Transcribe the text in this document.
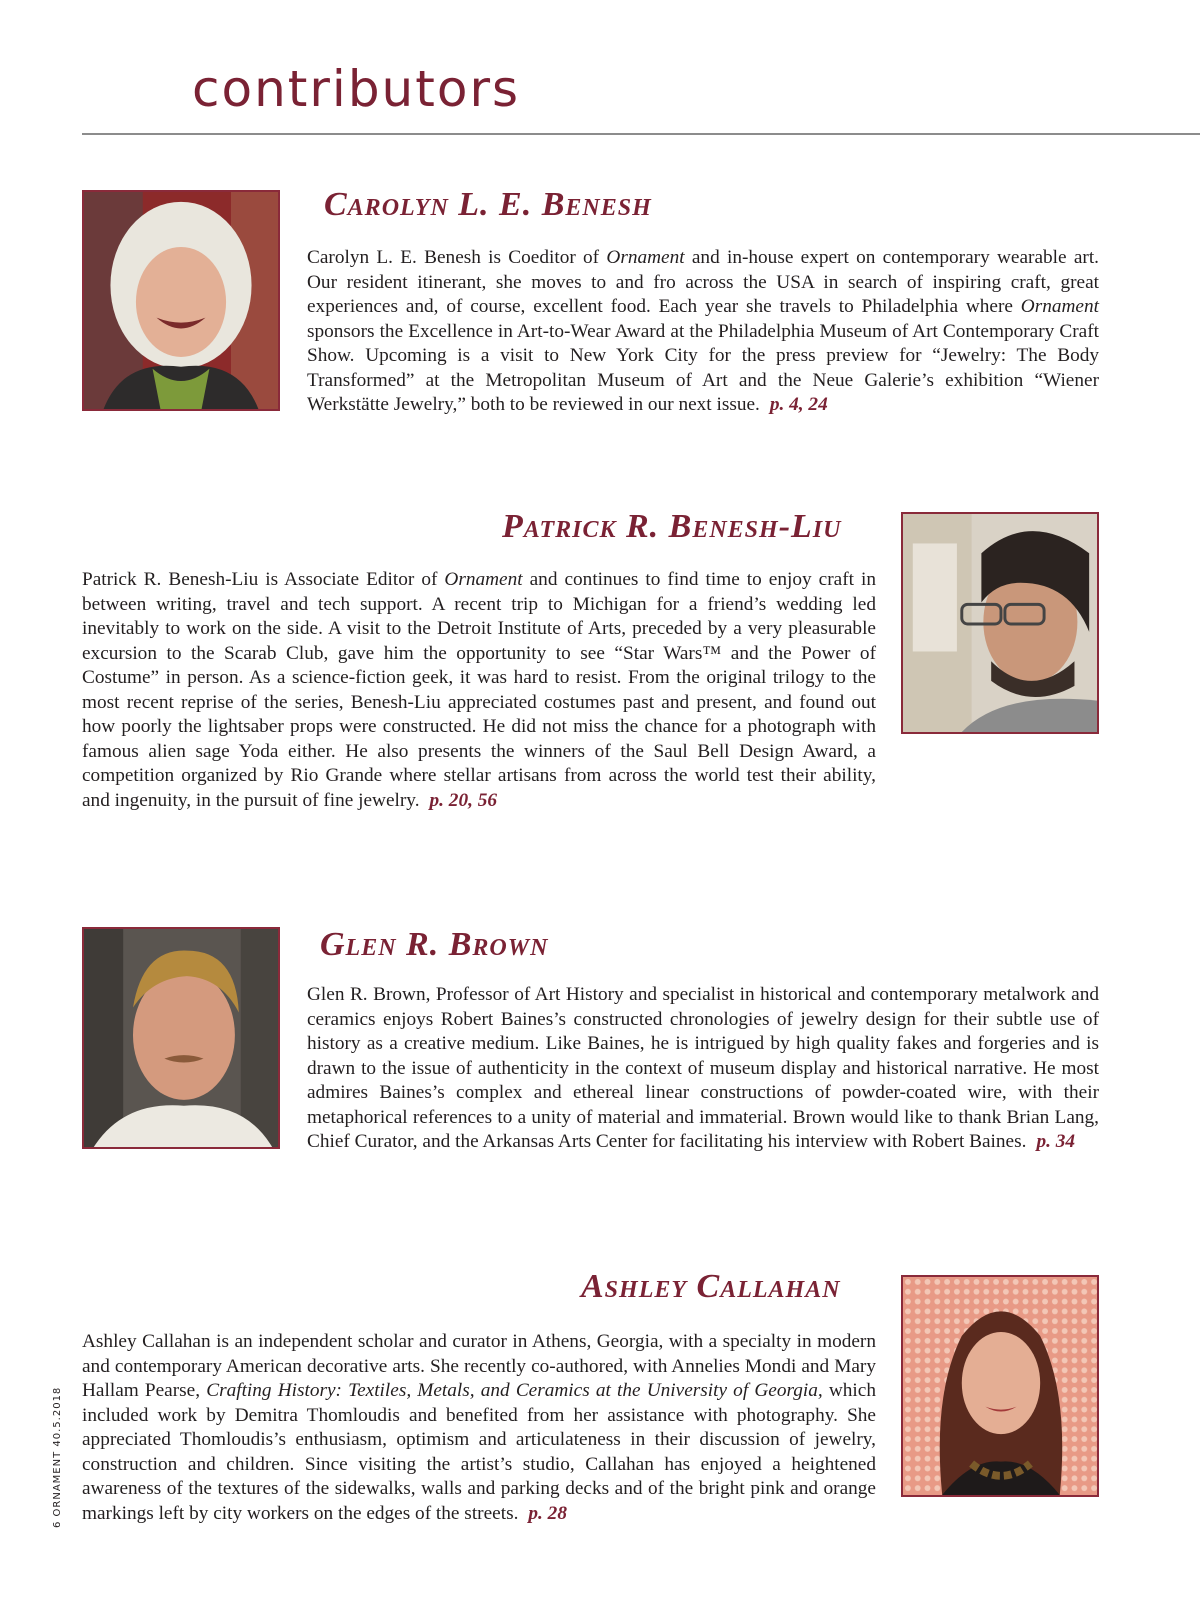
contributors
Carolyn L. E. Benesh

Carolyn L. E. Benesh is Coeditor of Ornament and in-house expert on contemporary wearable art. Our resident itinerant, she moves to and fro across the USA in search of inspiring craft, great experiences and, of course, excellent food. Each year she travels to Philadelphia where Ornament sponsors the Excellence in Art-to-Wear Award at the Philadelphia Museum of Art Contemporary Craft Show. Upcoming is a visit to New York City for the press preview for “Jewelry: The Body Transformed” at the Metropolitan Museum of Art and the Neue Galerie’s exhibition “Wiener Werkstätte Jewelry,” both to be reviewed in our next issue. p. 4, 24

Patrick R. Benesh-Liu

Patrick R. Benesh-Liu is Associate Editor of Ornament and continues to find time to enjoy craft in between writing, travel and tech support. A recent trip to Michigan for a friend’s wedding led inevitably to work on the side. A visit to the Detroit Institute of Arts, preceded by a very pleasurable excursion to the Scarab Club, gave him the opportunity to see “Star Wars™ and the Power of Costume” in person. As a science-fiction geek, it was hard to resist. From the original trilogy to the most recent reprise of the series, Benesh-Liu appreciated costumes past and present, and found out how poorly the lightsaber props were constructed. He did not miss the chance for a photograph with famous alien sage Yoda either. He also presents the winners of the Saul Bell Design Award, a competition organized by Rio Grande where stellar artisans from across the world test their ability, and ingenuity, in the pursuit of fine jewelry. p. 20, 56

Glen R. Brown

Glen R. Brown, Professor of Art History and specialist in historical and contemporary metalwork and ceramics enjoys Robert Baines’s constructed chronologies of jewelry design for their subtle use of history as a creative medium. Like Baines, he is intrigued by high quality fakes and forgeries and is drawn to the issue of authenticity in the context of museum display and historical narrative. He most admires Baines’s complex and ethereal linear constructions of powder-coated wire, with their metaphorical references to a unity of material and immaterial. Brown would like to thank Brian Lang, Chief Curator, and the Arkansas Arts Center for facilitating his interview with Robert Baines. p. 34

Ashley Callahan

Ashley Callahan is an independent scholar and curator in Athens, Georgia, with a specialty in modern and contemporary American decorative arts. She recently co-authored, with Annelies Mondi and Mary Hallam Pearse, Crafting History: Textiles, Metals, and Ceramics at the University of Georgia, which included work by Demitra Thomloudis and benefited from her assistance with photography. She appreciated Thomloudis’s enthusiasm, optimism and articulateness in their discussion of jewelry, construction and children. Since visiting the artist’s studio, Callahan has enjoyed a heightened awareness of the textures of the sidewalks, walls and parking decks and of the bright pink and orange markings left by city workers on the edges of the streets. p. 28

6 ORNAMENT 40.5.2018
